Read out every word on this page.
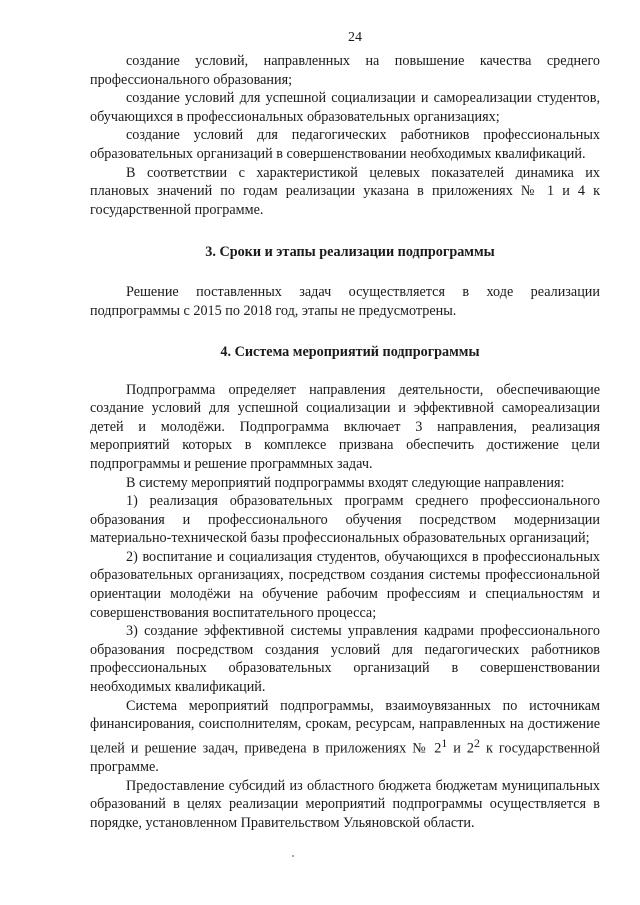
24

создание условий, направленных на повышение качества среднего профессионального образования;

создание условий для успешной социализации и самореализации студентов, обучающихся в профессиональных образовательных организациях;

создание условий для педагогических работников профессиональных образовательных организаций в совершенствовании необходимых квалификаций.

В соответствии с характеристикой целевых показателей динамика их плановых значений по годам реализации указана в приложениях № 1 и 4 к государственной программе.

3. Сроки и этапы реализации подпрограммы

Решение поставленных задач осуществляется в ходе реализации подпрограммы с 2015 по 2018 год, этапы не предусмотрены.

4. Система мероприятий подпрограммы

Подпрограмма определяет направления деятельности, обеспечивающие создание условий для успешной социализации и эффективной самореализации детей и молодёжи. Подпрограмма включает 3 направления, реализация мероприятий которых в комплексе призвана обеспечить достижение цели подпрограммы и решение программных задач.

В систему мероприятий подпрограммы входят следующие направления:

1) реализация образовательных программ среднего профессионального образования и профессионального обучения посредством модернизации материально-технической базы профессиональных образовательных организаций;

2) воспитание и социализация студентов, обучающихся в профессиональных образовательных организациях, посредством создания системы профессиональной ориентации молодёжи на обучение рабочим профессиям и специальностям и совершенствования воспитательного процесса;

3) создание эффективной системы управления кадрами профессионального образования посредством создания условий для педагогических работников профессиональных образовательных организаций в совершенствовании необходимых квалификаций.

Система мероприятий подпрограммы, взаимоувязанных по источникам финансирования, соисполнителям, срокам, ресурсам, направленных на достижение целей и решение задач, приведена в приложениях № $2^1$ и $2^2$ к государственной программе.

Предоставление субсидий из областного бюджета бюджетам муниципальных образований в целях реализации мероприятий подпрограммы осуществляется в порядке, установленном Правительством Ульяновской области.
